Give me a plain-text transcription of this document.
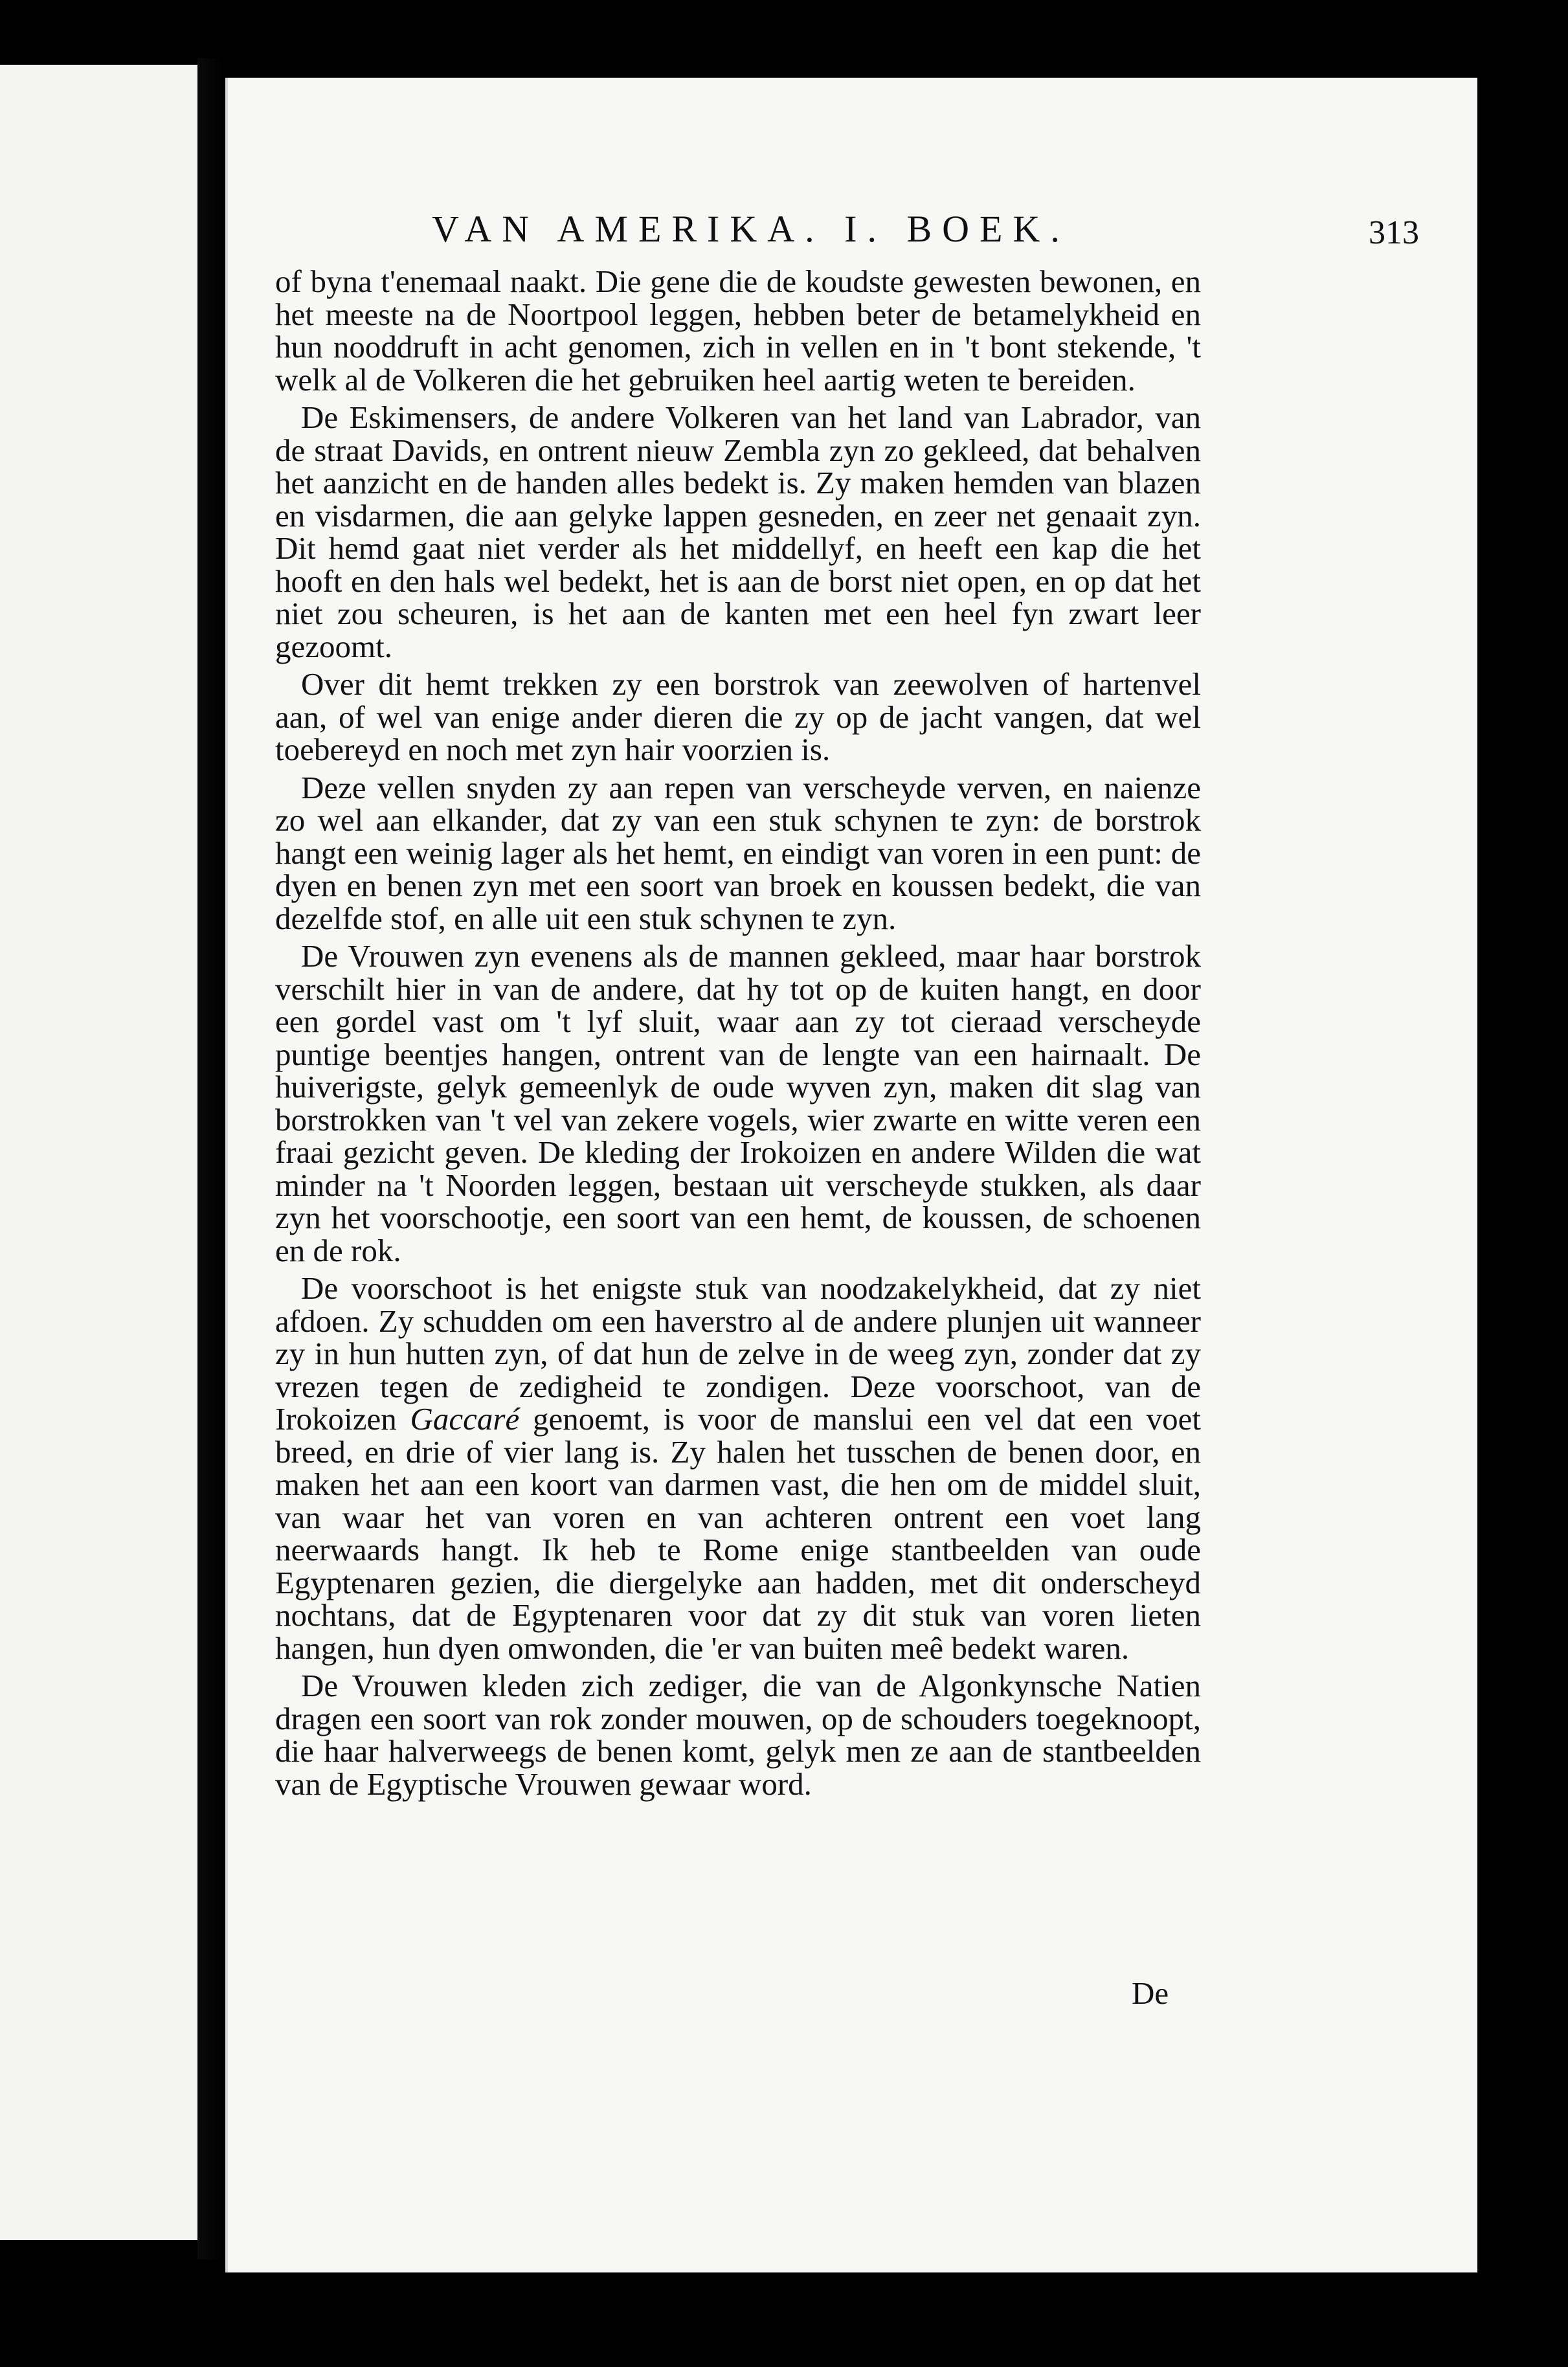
VAN AMERIKA. I. BOEK.	313

of byna t'enemaal naakt. Die gene die de koudste gewesten bewonen, en het meeste na de Noortpool leggen, hebben beter de betamelykheid en hun nooddruft in acht genomen, zich in vellen en in 't bont stekende, 't welk al de Volkeren die het gebruiken heel aartig weten te bereiden.

De Eskimensers, de andere Volkeren van het land van Labrador, van de straat Davids, en ontrent nieuw Zembla zyn zo gekleed, dat behalven het aanzicht en de handen alles bedekt is. Zy maken hemden van blazen en visdarmen, die aan gelyke lappen gesneden, en zeer net genaait zyn. Dit hemd gaat niet verder als het middellyf, en heeft een kap die het hooft en den hals wel bedekt, het is aan de borst niet open, en op dat het niet zou scheuren, is het aan de kanten met een heel fyn zwart leer gezoomt.

Over dit hemt trekken zy een borstrok van zeewolven of hartenvel aan, of wel van enige ander dieren die zy op de jacht vangen, dat wel toebereyd en noch met zyn hair voorzien is.

Deze vellen snyden zy aan repen van verscheyde verven, en naienze zo wel aan elkander, dat zy van een stuk schynen te zyn: de borstrok hangt een weinig lager als het hemt, en eindigt van voren in een punt: de dyen en benen zyn met een soort van broek en koussen bedekt, die van dezelfde stof, en alle uit een stuk schynen te zyn.

De Vrouwen zyn evenens als de mannen gekleed, maar haar borstrok verschilt hier in van de andere, dat hy tot op de kuiten hangt, en door een gordel vast om 't lyf sluit, waar aan zy tot cieraad verscheyde puntige beentjes hangen, ontrent van de lengte van een hairnaalt. De huiverigste, gelyk gemeenlyk de oude wyven zyn, maken dit slag van borstrokken van 't vel van zekere vogels, wier zwarte en witte veren een fraai gezicht geven. De kleding der Irokoizen en andere Wilden die wat minder na 't Noorden leggen, bestaan uit verscheyde stukken, als daar zyn het voorschootje, een soort van een hemt, de koussen, de schoenen en de rok.

De voorschoot is het enigste stuk van noodzakelykheid, dat zy niet afdoen. Zy schudden om een haverstro al de andere plunjen uit wanneer zy in hun hutten zyn, of dat hun de zelve in de weeg zyn, zonder dat zy vrezen tegen de zedigheid te zondigen. Deze voorschoot, van de Irokoizen Gaccaré genoemt, is voor de manslui een vel dat een voet breed, en drie of vier lang is. Zy halen het tusschen de benen door, en maken het aan een koort van darmen vast, die hen om de middel sluit, van waar het van voren en van achteren ontrent een voet lang neerwaards hangt. Ik heb te Rome enige stantbeelden van oude Egyptenaren gezien, die diergelyke aan hadden, met dit onderscheyd nochtans, dat de Egyptenaren voor dat zy dit stuk van voren lieten hangen, hun dyen omwonden, die 'er van buiten meê bedekt waren.

De Vrouwen kleden zich zediger, die van de Algonkynsche Natien dragen een soort van rok zonder mouwen, op de schouders toegeknoopt, die haar halverweegs de benen komt, gelyk men ze aan de stantbeelden van de Egyptische Vrouwen gewaar word.

De
